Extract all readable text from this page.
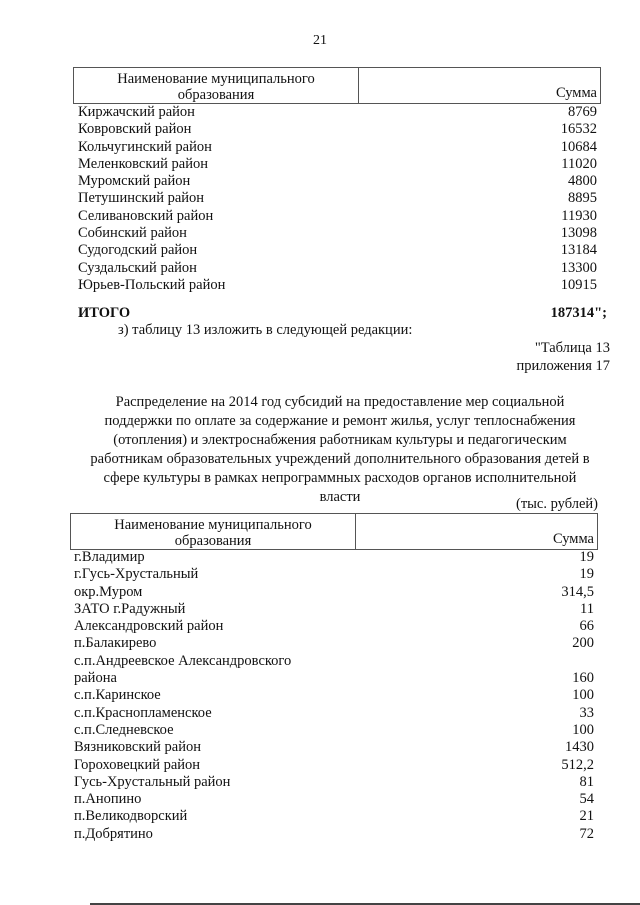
21
Наименование муниципального
образования	Сумма
Киржачский район	8769
Ковровский район	16532
Кольчугинский район	10684
Меленковский район	11020
Муромский район	4800
Петушинский район	8895
Селивановский район	11930
Собинский район	13098
Судогодский район	13184
Суздальский район	13300
Юрьев-Польский район	10915
ИТОГО	187314";
з) таблицу 13 изложить в следующей редакции:
"Таблица 13
приложения 17
Распределение на 2014 год субсидий на предоставление мер социальной
поддержки по оплате за содержание и ремонт жилья, услуг теплоснабжения
(отопления) и электроснабжения работникам культуры и педагогическим
работникам образовательных учреждений дополнительного образования детей в
сфере культуры в рамках непрограммных расходов органов исполнительной
власти	(тыс. рублей)
Наименование муниципального
образования	Сумма
г.Владимир	19
г.Гусь-Хрустальный	19
окр.Муром	314,5
ЗАТО г.Радужный	11
Александровский район	66
п.Балакирево	200
с.п.Андреевское Александровского
района	160
с.п.Каринское	100
с.п.Краснопламенское	33
с.п.Следневское	100
Вязниковский район	1430
Гороховецкий район	512,2
Гусь-Хрустальный район	81
п.Анопино	54
п.Великодворский	21
п.Добрятино	72
